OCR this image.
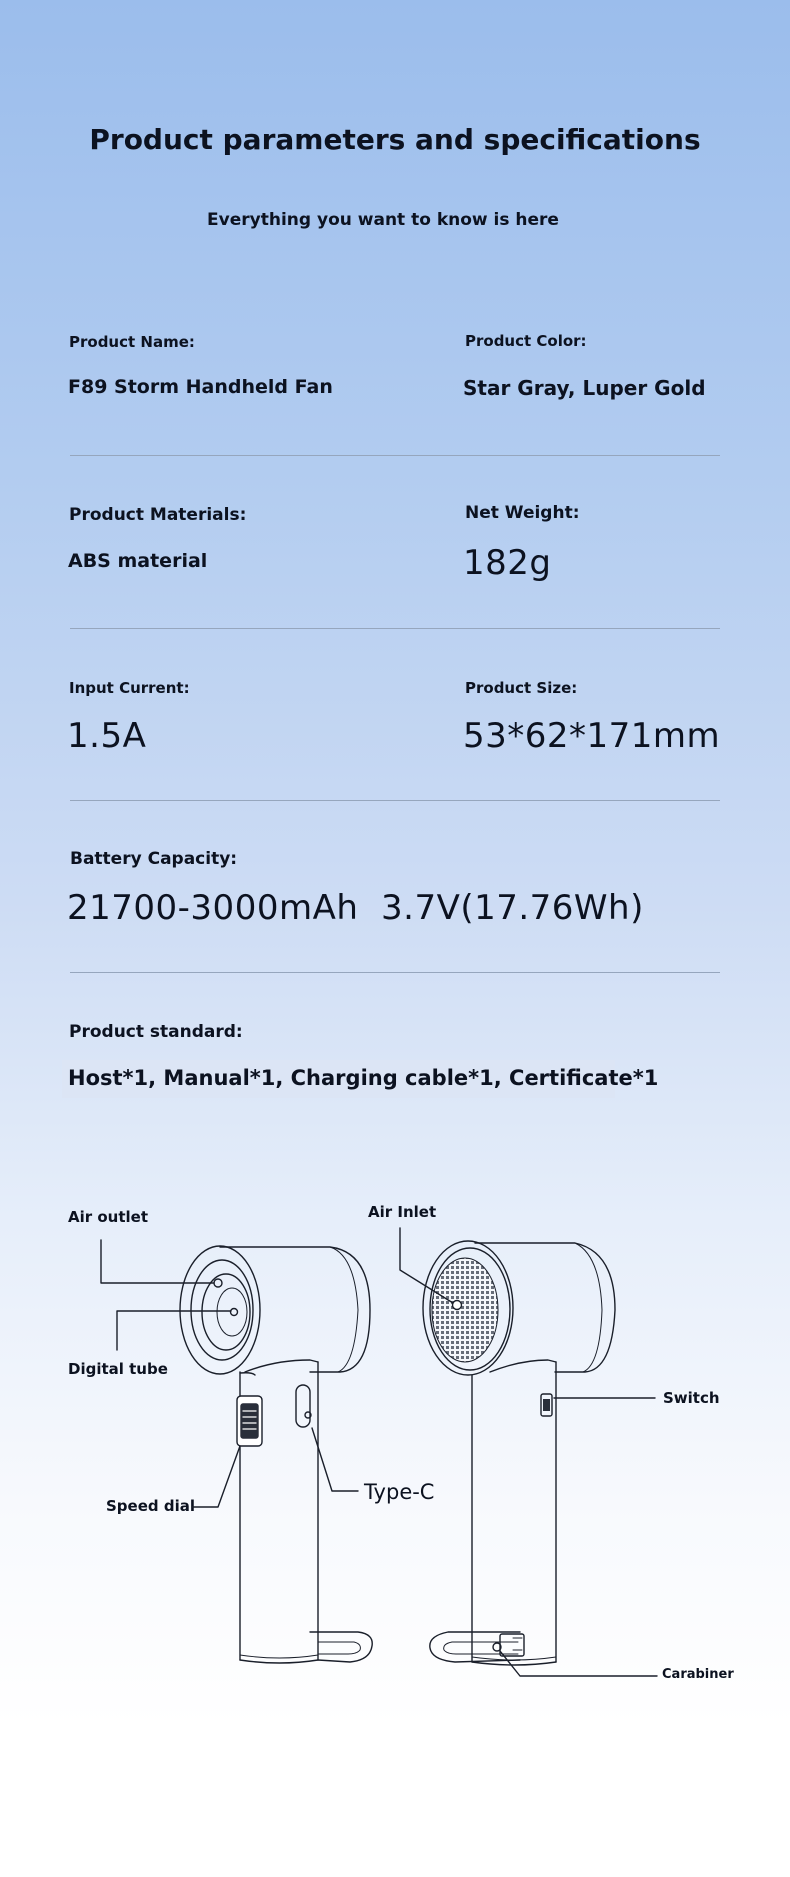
Product parameters and specifications
Everything you want to know is here
Product Name:
F89 Storm Handheld Fan
Product Color:
Star Gray, Luper Gold
Product Materials:
ABS material
Net Weight:
182g
Input Current:
1.5A
Product Size:
53*62*171mm
Battery Capacity:
21700-3000mAh  3.7V(17.76Wh)
Product standard:
Host*1, Manual*1, Charging cable*1, Certificate*1
Air outlet
Digital tube
Speed dial
Type-C
Air Inlet
Switch
Carabiner
